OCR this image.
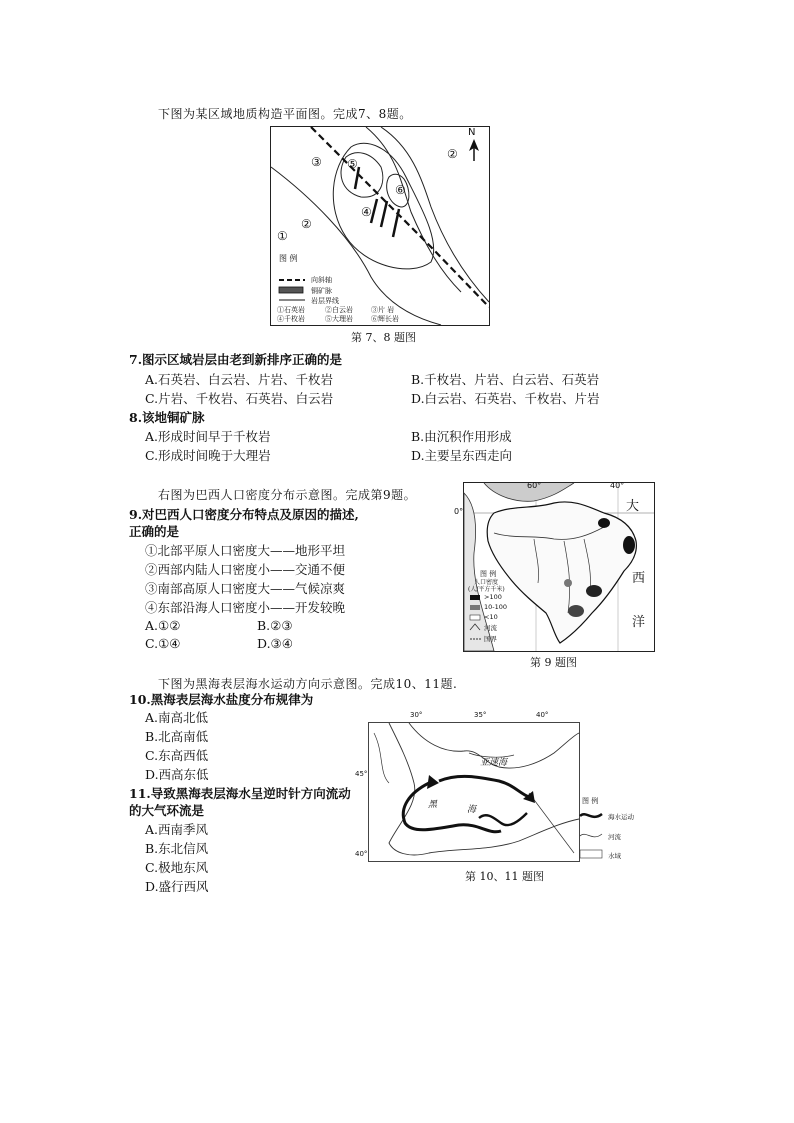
下图为某区域地质构造平面图。完成7、8题。
③ ⑤
②
⑥
④
②
①
N
图 例
向斜轴
铜矿脉
岩层界线
①石英岩	②白云岩	③片 岩
④千枚岩	⑤大理岩	⑥辉长岩
第 7、8 题图
7.图示区域岩层由老到新排序正确的是
A.石英岩、白云岩、片岩、千枚岩	B.千枚岩、片岩、白云岩、石英岩
C.片岩、千枚岩、石英岩、白云岩	D.白云岩、石英岩、千枚岩、片岩
8.该地铜矿脉
A.形成时间早于千枚岩	B.由沉积作用形成
C.形成时间晚于大理岩	D.主要呈东西走向
右图为巴西人口密度分布示意图。完成第9题。
9.对巴西人口密度分布特点及原因的描述,
正确的是
①北部平原人口密度大——地形平坦
②西部内陆人口密度小——交通不便
③南部高原人口密度大——气候凉爽
④东部沿海人口密度小——开发较晚
A.①②	B.②③
C.①④	D.③④
60°	40°
0°	大
西
洋
图 例
人口密度
(人/平方千米)
>100
10-100
<10
河流
国界
第 9 题图
下图为黑海表层海水运动方向示意图。完成10、11题.
10.黑海表层海水盐度分布规律为
A.南高北低
B.北高南低
C.东高西低
D.西高东低
11.导致黑海表层海水呈逆时针方向流动
的大气环流是
A.西南季风
B.东北信风
C.极地东风
D.盛行西风
30°	35°	40°
45°
40°
亚速海
黑	海
图 例
海水运动
河流
水域
第 10、11 题图
